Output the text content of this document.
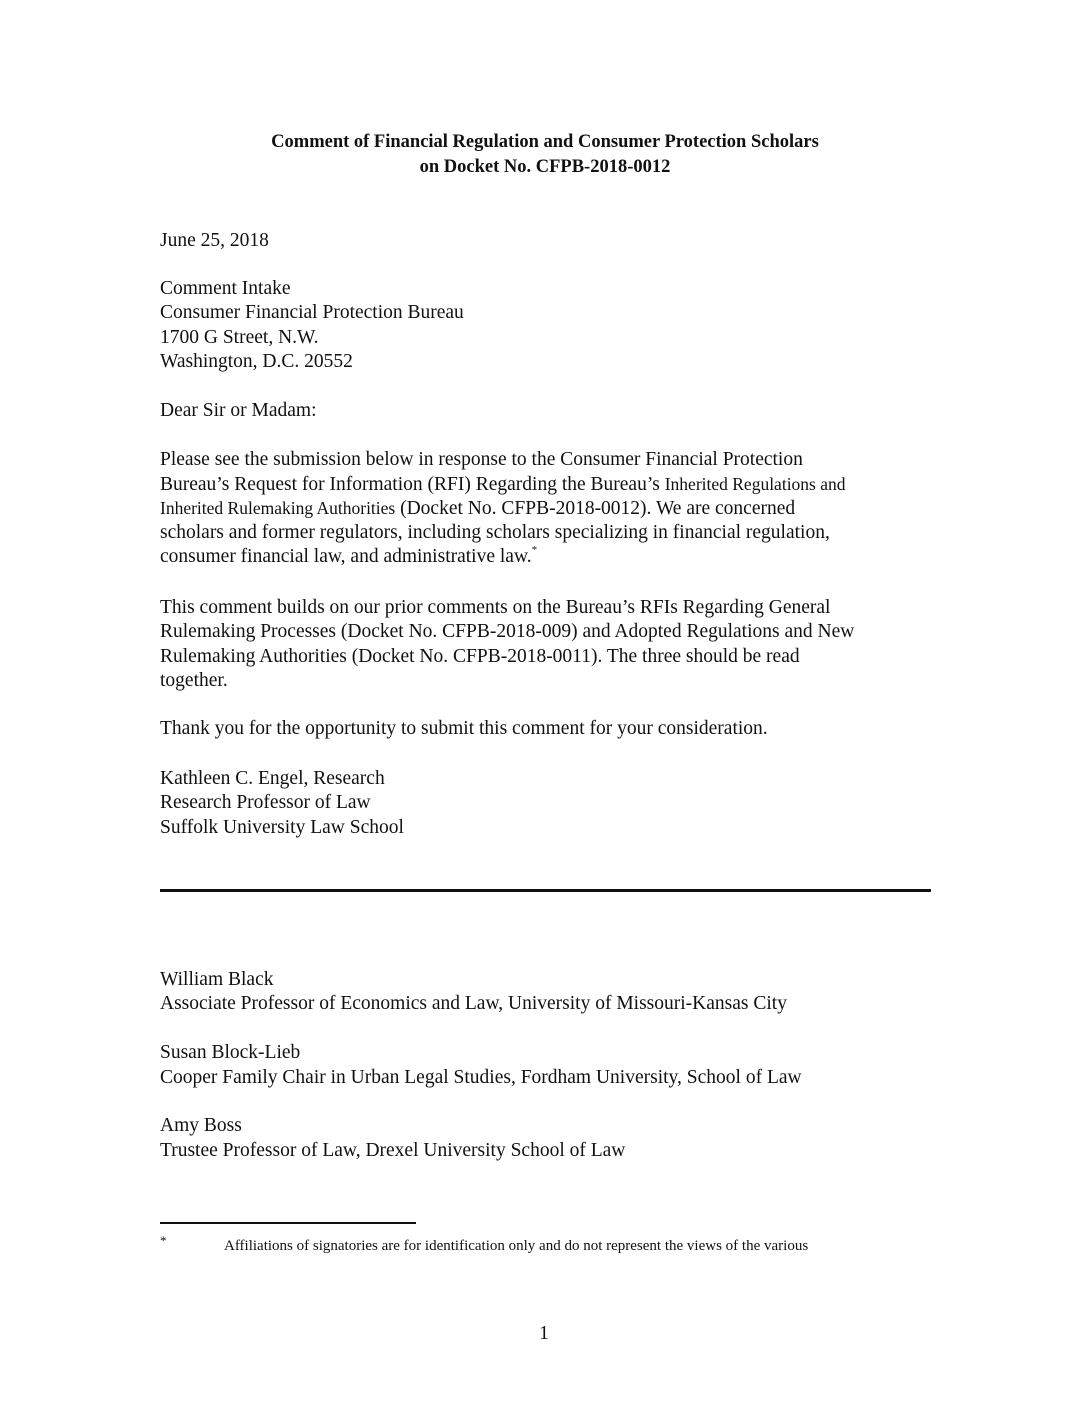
Comment of Financial Regulation and Consumer Protection Scholars
on Docket No. CFPB-2018-0012
June 25, 2018
Comment Intake
Consumer Financial Protection Bureau
1700 G Street, N.W.
Washington, D.C. 20552
Dear Sir or Madam:
Please see the submission below in response to the Consumer Financial Protection
Bureau’s Request for Information (RFI) Regarding the Bureau’s Inherited Regulations and
Inherited Rulemaking Authorities (Docket No. CFPB-2018-0012). We are concerned
scholars and former regulators, including scholars specializing in financial regulation,
consumer financial law, and administrative law.*
This comment builds on our prior comments on the Bureau’s RFIs Regarding General
Rulemaking Processes (Docket No. CFPB-2018-009) and Adopted Regulations and New
Rulemaking Authorities (Docket No. CFPB-2018-0011). The three should be read
together.
Thank you for the opportunity to submit this comment for your consideration.
Kathleen C. Engel, Research
Research Professor of Law
Suffolk University Law School
William Black
Associate Professor of Economics and Law, University of Missouri-Kansas City
Susan Block-Lieb
Cooper Family Chair in Urban Legal Studies, Fordham University, School of Law
Amy Boss
Trustee Professor of Law, Drexel University School of Law
*	Affiliations of signatories are for identification only and do not represent the views of the various
1
